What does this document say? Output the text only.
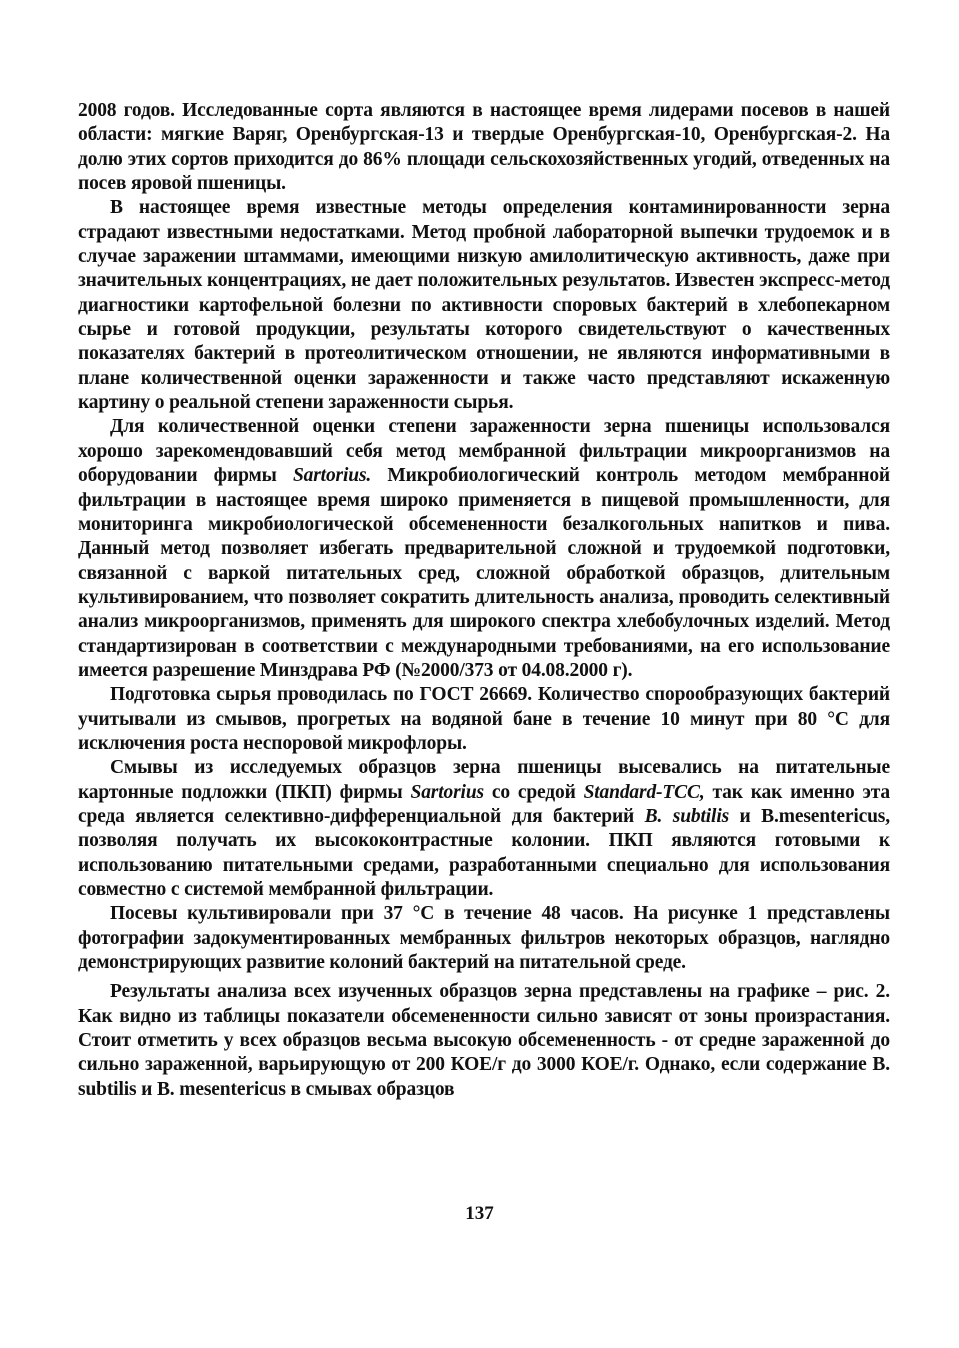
2008 годов. Исследованные сорта являются в настоящее время лидерами посевов в нашей области: мягкие Варяг, Оренбургская-13 и твердые Оренбургская-10, Оренбургская-2. На долю этих сортов приходится до 86% площади сельскохозяйственных угодий, отведенных на посев яровой пшеницы.

В настоящее время известные методы определения контаминированности зерна страдают известными недостатками. Метод пробной лабораторной выпечки трудоемок и в случае заражении штаммами, имеющими низкую амилолитическую активность, даже при значительных концентрациях, не дает положительных результатов. Известен экспресс-метод диагностики картофельной болезни по активности споровых бактерий в хлебопекарном сырье и готовой продукции, результаты которого свидетельствуют о качественных показателях бактерий в протеолитическом отношении, не являются информативными в плане количественной оценки зараженности и также часто представляют искаженную картину о реальной степени зараженности сырья.

Для количественной оценки степени зараженности зерна пшеницы использовался хорошо зарекомендовавший себя метод мембранной фильтрации микроорганизмов на оборудовании фирмы Sartorius. Микробиологический контроль методом мембранной фильтрации в настоящее время широко применяется в пищевой промышленности, для мониторинга микробиологической обсемененности безалкогольных напитков и пива. Данный метод позволяет избегать предварительной сложной и трудоемкой подготовки, связанной с варкой питательных сред, сложной обработкой образцов, длительным культивированием, что позволяет сократить длительность анализа, проводить селективный анализ микроорганизмов, применять для широкого спектра хлебобулочных изделий. Метод стандартизирован в соответствии с международными требованиями, на его использование имеется разрешение Минздрава РФ (№2000/373 от 04.08.2000 г).

Подготовка сырья проводилась по ГОСТ 26669. Количество спорообразующих бактерий учитывали из смывов, прогретых на водяной бане в течение 10 минут при 80 °С для исключения роста неспоровой микрофлоры.

Смывы из исследуемых образцов зерна пшеницы высевались на питательные картонные подложки (ПКП) фирмы Sartorius со средой Standard-TCC, так как именно эта среда является селективно-дифференциальной для бактерий B. subtilis и B.mesentericus, позволяя получать их высококонтрастные колонии. ПКП являются готовыми к использованию питательными средами, разработанными специально для использования совместно с системой мембранной фильтрации.

Посевы культивировали при 37 °С в течение 48 часов. На рисунке 1 представлены фотографии задокументированных мембранных фильтров некоторых образцов, наглядно демонстрирующих развитие колоний бактерий на питательной среде.

Результаты анализа всех изученных образцов зерна представлены на графике – рис. 2. Как видно из таблицы показатели обсемененности сильно зависят от зоны произрастания. Стоит отметить у всех образцов весьма высокую обсемененность - от средне зараженной до сильно зараженной, варьирующую от 200 КОЕ/г до 3000 КОЕ/г. Однако, если содержание B. subtilis и B. mesentericus в смывах образцов

137
